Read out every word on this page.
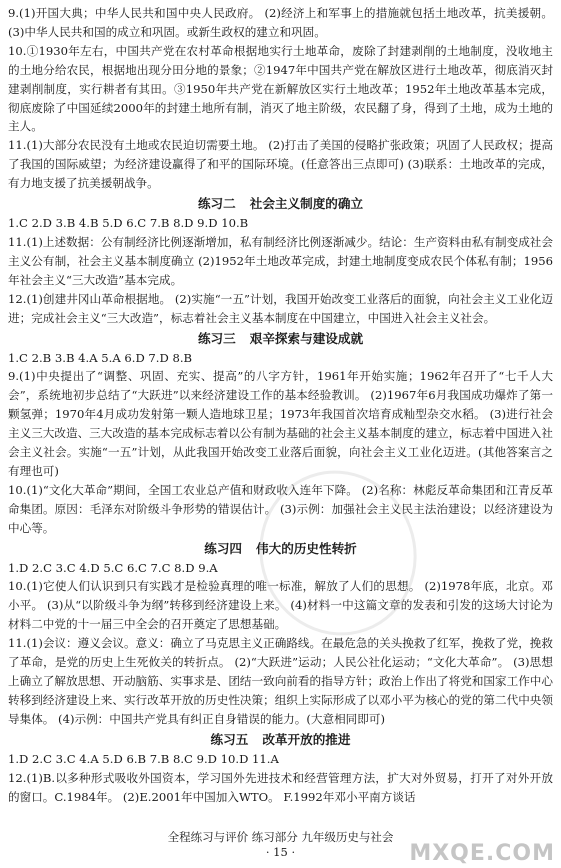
9.(1)开国大典；中华人民共和国中央人民政府。 (2)经济上和军事上的措施就包括土地改革，抗美援朝。 (3)中华人民共和国的成立和巩固。或新生政权的建立和巩固。

10.①1930年左右，中国共产党在农村革命根据地实行土地革命，废除了封建剥削的土地制度，没收地主的土地分给农民，根据地出现分田分地的景象；②1947年中国共产党在解放区进行土地改革，彻底消灭封建剥削制度，实行耕者有其田。③1950年共产党在新解放区实行土地改革；1952年土地改革基本完成，彻底废除了中国延续2000年的封建土地所有制，消灭了地主阶级，农民翻了身，得到了土地，成为土地的主人。

11.(1)大部分农民没有土地或农民迫切需要土地。 (2)打击了美国的侵略扩张政策；巩固了人民政权；提高了我国的国际威望；为经济建设赢得了和平的国际环境。(任意答出三点即可) (3)联系：土地改革的完成，有力地支援了抗美援朝战争。

练习二 社会主义制度的确立

1.C 2.D 3.B 4.B 5.D 6.C 7.B 8.D 9.D 10.B

11.(1)上述数据：公有制经济比例逐渐增加，私有制经济比例逐渐减少。结论：生产资料由私有制变成社会主义公有制，社会主义基本制度确立 (2)1952年土地改革完成，封建土地制度变成农民个体私有制；1956年社会主义“三大改造”基本完成。

12.(1)创建井冈山革命根据地。 (2)实施“一五”计划，我国开始改变工业落后的面貌，向社会主义工业化迈进；完成社会主义“三大改造”，标志着社会主义基本制度在中国建立，中国进入社会主义社会。

练习三 艰辛探索与建设成就

1.C 2.B 3.B 4.A 5.A 6.D 7.D 8.B

9.(1)中央提出了“调整、巩固、充实、提高”的八字方针，1961年开始实施；1962年召开了“七千人大会”，系统地初步总结了“大跃进”以来经济建设工作的基本经验教训。 (2)1967年6月我国成功爆炸了第一颗氢弹；1970年4月成功发射第一颗人造地球卫星；1973年我国首次培育成籼型杂交水稻。 (3)进行社会主义三大改造、三大改造的基本完成标志着以公有制为基础的社会主义基本制度的建立，标志着中国进入社会主义社会。实施“一五”计划，从此我国开始改变工业落后面貌，向社会主义工业化迈进。(其他答案言之有理也可)

10.(1)“文化大革命”期间，全国工农业总产值和财政收入连年下降。 (2)名称：林彪反革命集团和江青反革命集团。原因：毛泽东对阶级斗争形势的错误估计。 (3)示例：加强社会主义民主法治建设；以经济建设为中心等。

练习四 伟大的历史性转折

1.D 2.C 3.C 4.D 5.C 6.C 7.C 8.D 9.A

10.(1)它使人们认识到只有实践才是检验真理的唯一标准，解放了人们的思想。 (2)1978年底，北京。邓小平。 (3)从“以阶级斗争为纲”转移到经济建设上来。 (4)材料一中这篇文章的发表和引发的这场大讨论为材料二中党的十一届三中全会的召开奠定了思想基础。

11.(1)会议：遵义会议。意义：确立了马克思主义正确路线。在最危急的关头挽救了红军，挽救了党，挽救了革命，是党的历史上生死攸关的转折点。 (2)“大跃进”运动；人民公社化运动；“文化大革命”。 (3)思想上确立了解放思想、开动脑筋、实事求是、团结一致向前看的指导方针；政治上作出了将党和国家工作中心转移到经济建设上来、实行改革开放的历史性决策；组织上实际形成了以邓小平为核心的党的第二代中央领导集体。 (4)示例：中国共产党具有纠正自身错误的能力。(大意相同即可)

练习五 改革开放的推进

1.D 2.C 3.C 4.A 5.D 6.B 7.B 8.C 9.D 10.D 11.A

12.(1)B.以多种形式吸收外国资本，学习国外先进技术和经营管理方法，扩大对外贸易，打开了对外开放的窗口。C.1984年。 (2)E.2001年中国加入WTO。 F.1992年邓小平南方谈话

全程练习与评价 练习部分 九年级历史与社会
· 15 ·	MXQE.COM
